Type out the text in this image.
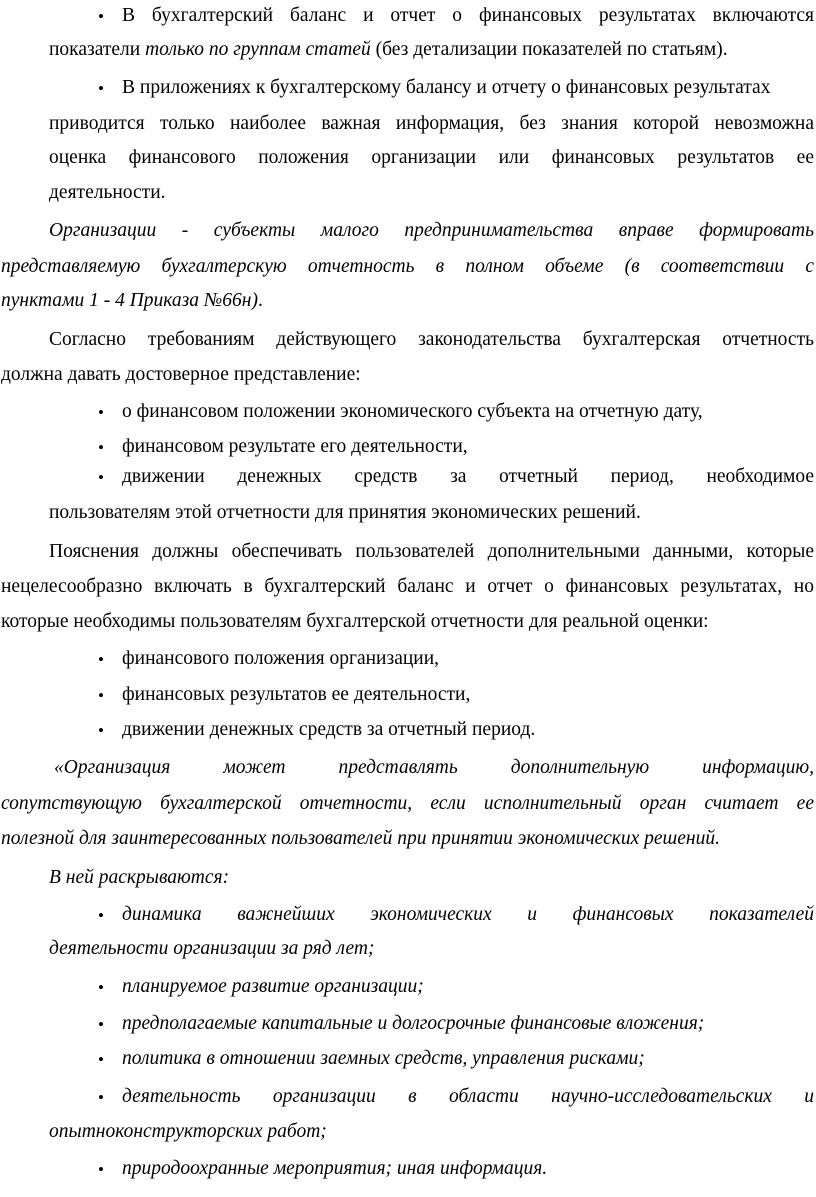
• В бухгалтерский баланс и отчет о финансовых результатах включаются
показатели только по группам статей (без детализации показателей по статьям).
• В приложениях к бухгалтерскому балансу и отчету о финансовых результатах
приводится только наиболее важная информация, без знания которой невозможна
оценка финансового положения организации или финансовых результатов ее
деятельности.
Организации - субъекты малого предпринимательства вправе формировать
представляемую бухгалтерскую отчетность в полном объеме (в соответствии с
пунктами 1 - 4 Приказа №66н).
Согласно требованиям действующего законодательства бухгалтерская отчетность
должна давать достоверное представление:
• о финансовом положении экономического субъекта на отчетную дату,
• финансовом результате его деятельности,
• движении денежных средств за отчетный период, необходимое
пользователям этой отчетности для принятия экономических решений.
Пояснения должны обеспечивать пользователей дополнительными данными, которые
нецелесообразно включать в бухгалтерский баланс и отчет о финансовых результатах, но
которые необходимы пользователям бухгалтерской отчетности для реальной оценки:
• финансового положения организации,
• финансовых результатов ее деятельности,
• движении денежных средств за отчетный период.
«Организация может представлять дополнительную информацию,
сопутствующую бухгалтерской отчетности, если исполнительный орган считает ее
полезной для заинтересованных пользователей при принятии экономических решений.
В ней раскрываются:
• динамика важнейших экономических и финансовых показателей
деятельности организации за ряд лет;
• планируемое развитие организации;
• предполагаемые капитальные и долгосрочные финансовые вложения;
• политика в отношении заемных средств, управления рисками;
• деятельность организации в области научно-исследовательских и
опытноконструкторских работ;
• природоохранные мероприятия; иная информация.
